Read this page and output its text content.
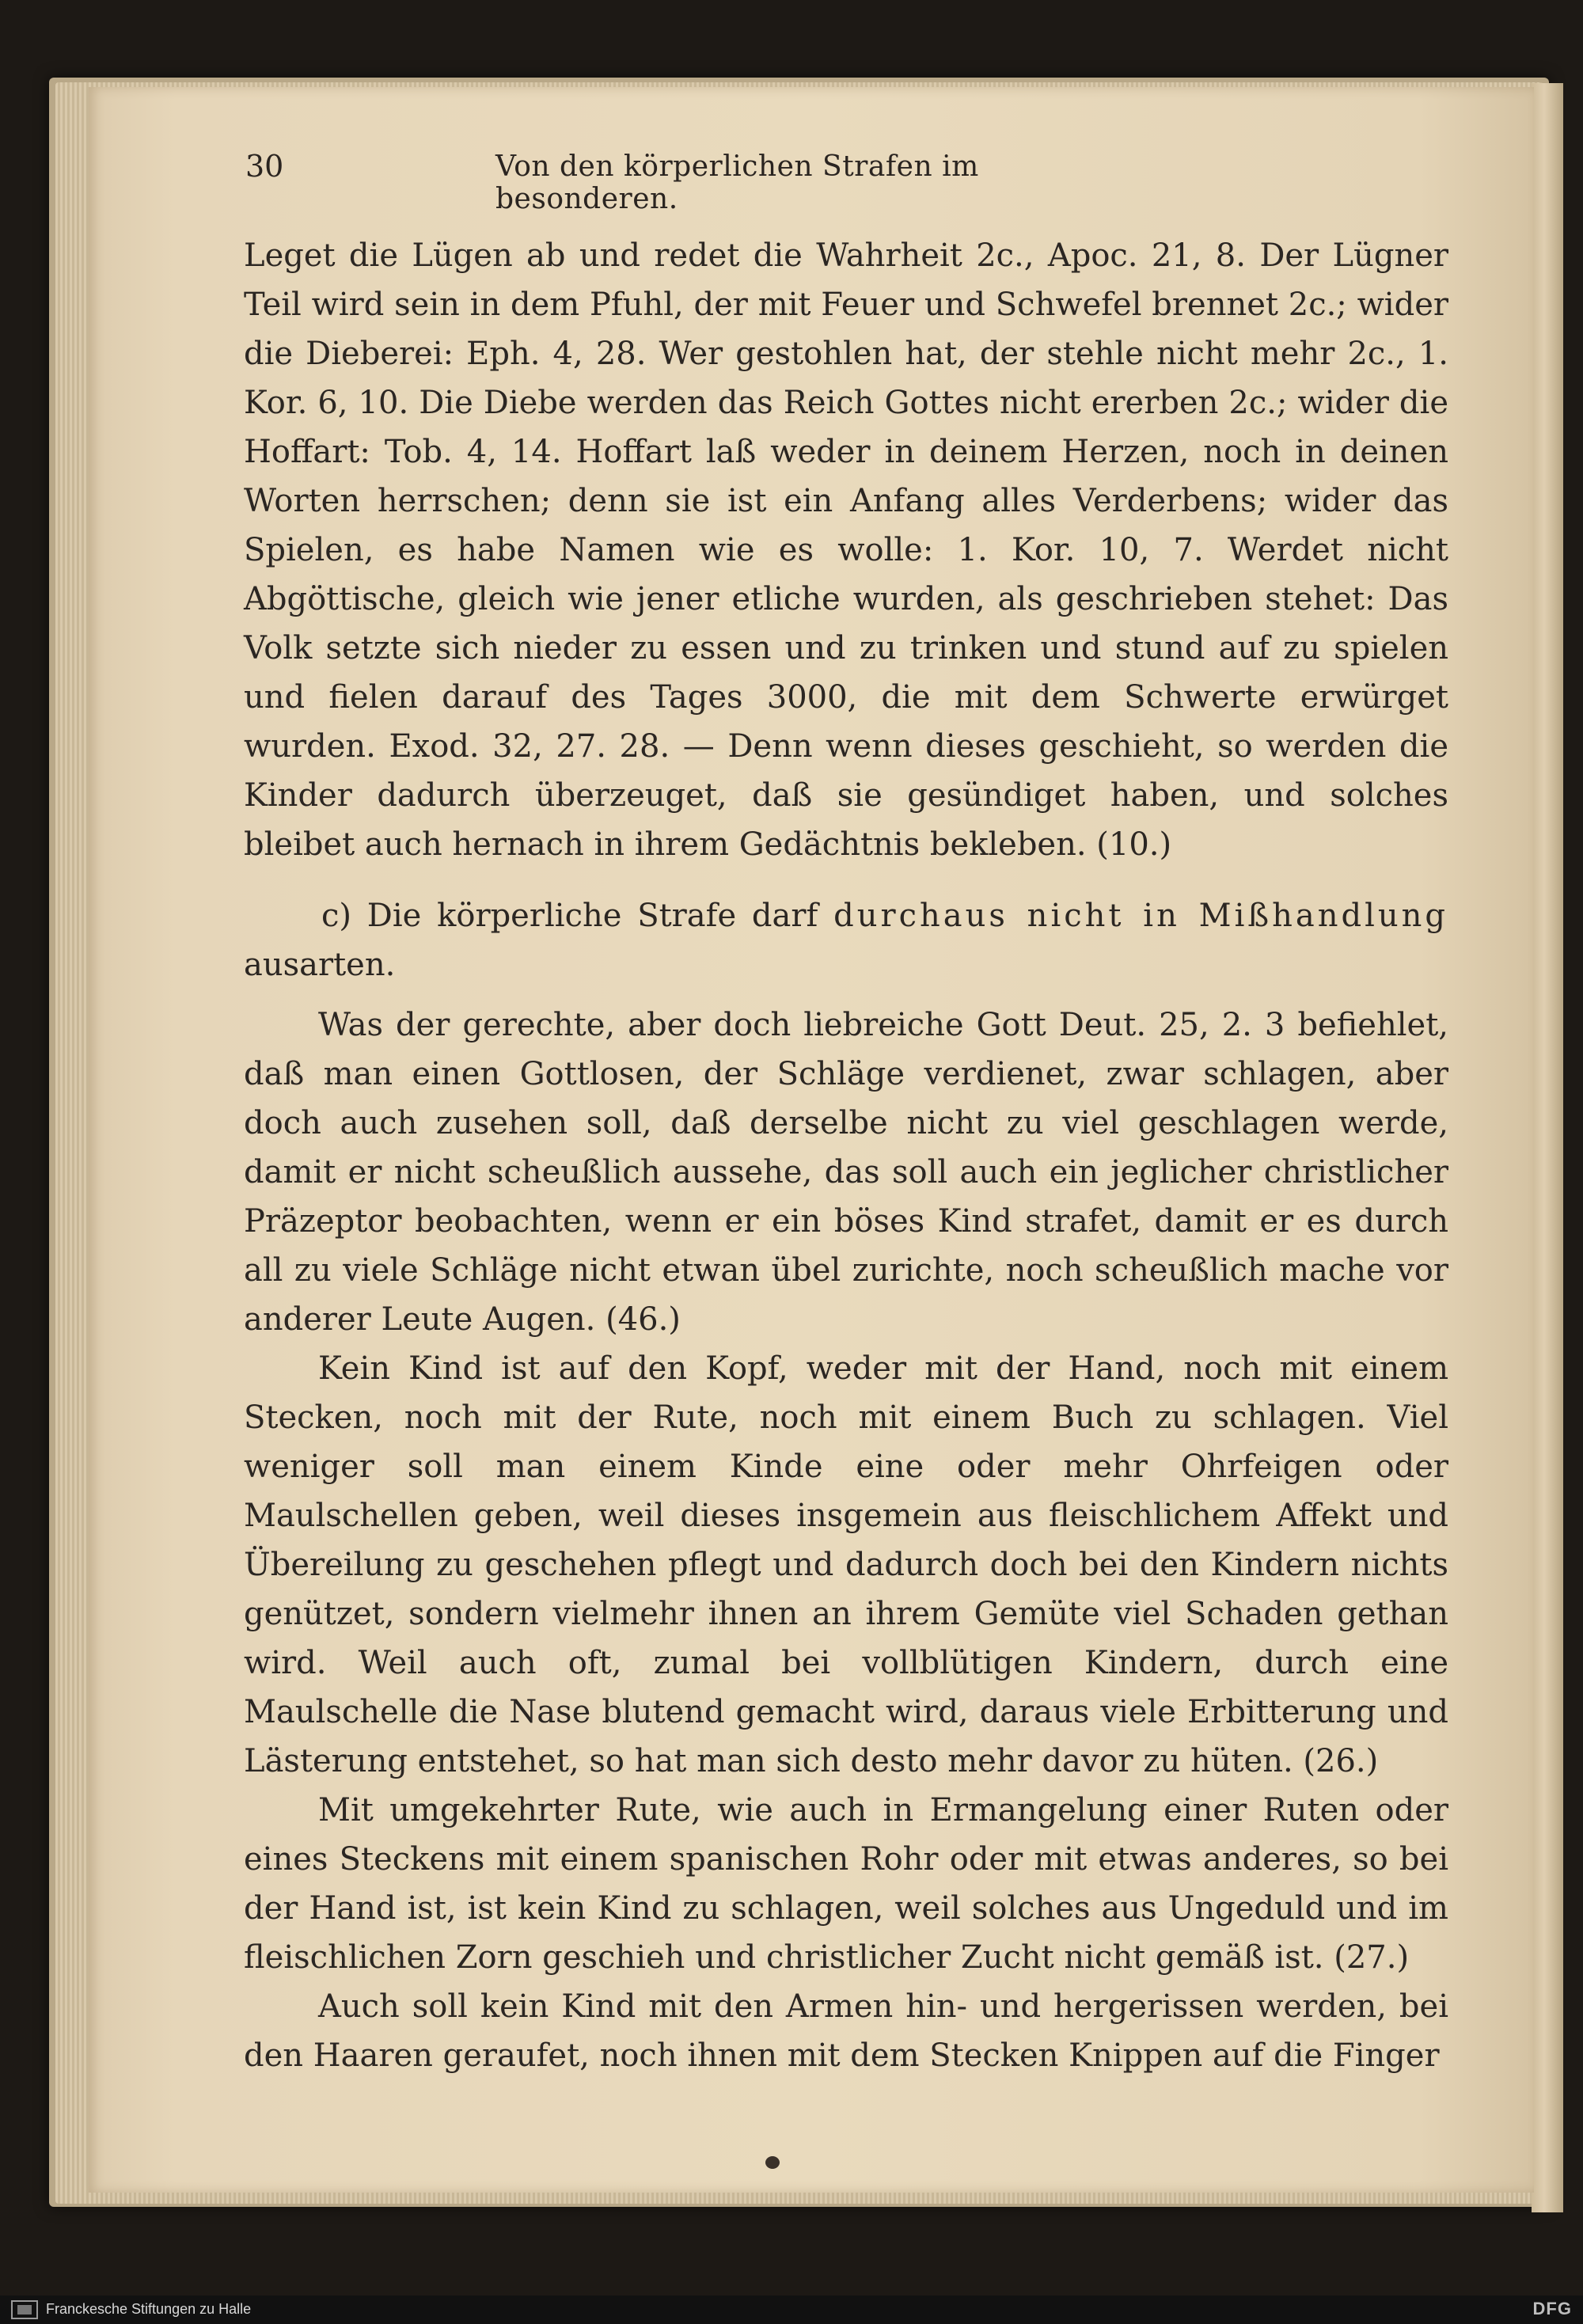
30	Von den körperlichen Strafen im besonderen.

Leget die Lügen ab und redet die Wahrheit 2c., Apoc. 21, 8. Der Lügner Teil wird sein in dem Pfuhl, der mit Feuer und Schwefel brennet 2c.; wider die Dieberei: Eph. 4, 28. Wer gestohlen hat, der stehle nicht mehr 2c., 1. Kor. 6, 10. Die Diebe werden das Reich Gottes nicht ererben 2c.; wider die Hoffart: Tob. 4, 14. Hoffart laß weder in deinem Herzen, noch in deinen Worten herrschen; denn sie ist ein Anfang alles Verderbens; wider das Spielen, es habe Namen wie es wolle: 1. Kor. 10, 7. Werdet nicht Abgöttische, gleich wie jener etliche wurden, als geschrieben stehet: Das Volk setzte sich nieder zu essen und zu trinken und stund auf zu spielen und fielen darauf des Tages 3000, die mit dem Schwerte erwürget wurden. Exod. 32, 27. 28. — Denn wenn dieses geschieht, so werden die Kinder dadurch überzeuget, daß sie gesündiget haben, und solches bleibet auch hernach in ihrem Gedächtnis bekleben. (10.)

c) Die körperliche Strafe darf durchaus nicht in Mißhandlung ausarten.

Was der gerechte, aber doch liebreiche Gott Deut. 25, 2. 3 befiehlet, daß man einen Gottlosen, der Schläge verdienet, zwar schlagen, aber doch auch zusehen soll, daß derselbe nicht zu viel geschlagen werde, damit er nicht scheußlich aussehe, das soll auch ein jeglicher christlicher Präzeptor beobachten, wenn er ein böses Kind strafet, damit er es durch all zu viele Schläge nicht etwan übel zurichte, noch scheußlich mache vor anderer Leute Augen. (46.)

Kein Kind ist auf den Kopf, weder mit der Hand, noch mit einem Stecken, noch mit der Rute, noch mit einem Buch zu schlagen. Viel weniger soll man einem Kinde eine oder mehr Ohrfeigen oder Maulschellen geben, weil dieses insgemein aus fleischlichem Affekt und Übereilung zu geschehen pflegt und dadurch doch bei den Kindern nichts genützet, sondern vielmehr ihnen an ihrem Gemüte viel Schaden gethan wird. Weil auch oft, zumal bei vollblütigen Kindern, durch eine Maulschelle die Nase blutend gemacht wird, daraus viele Erbitterung und Lästerung entstehet, so hat man sich desto mehr davor zu hüten. (26.)

Mit umgekehrter Rute, wie auch in Ermangelung einer Ruten oder eines Steckens mit einem spanischen Rohr oder mit etwas anderes, so bei der Hand ist, ist kein Kind zu schlagen, weil solches aus Ungeduld und im fleischlichen Zorn geschieh und christlicher Zucht nicht gemäß ist. (27.)

Auch soll kein Kind mit den Armen hin- und hergerissen werden, bei den Haaren geraufet, noch ihnen mit dem Stecken Knippen auf die Finger

Franckesche Stiftungen zu Halle	DFG
